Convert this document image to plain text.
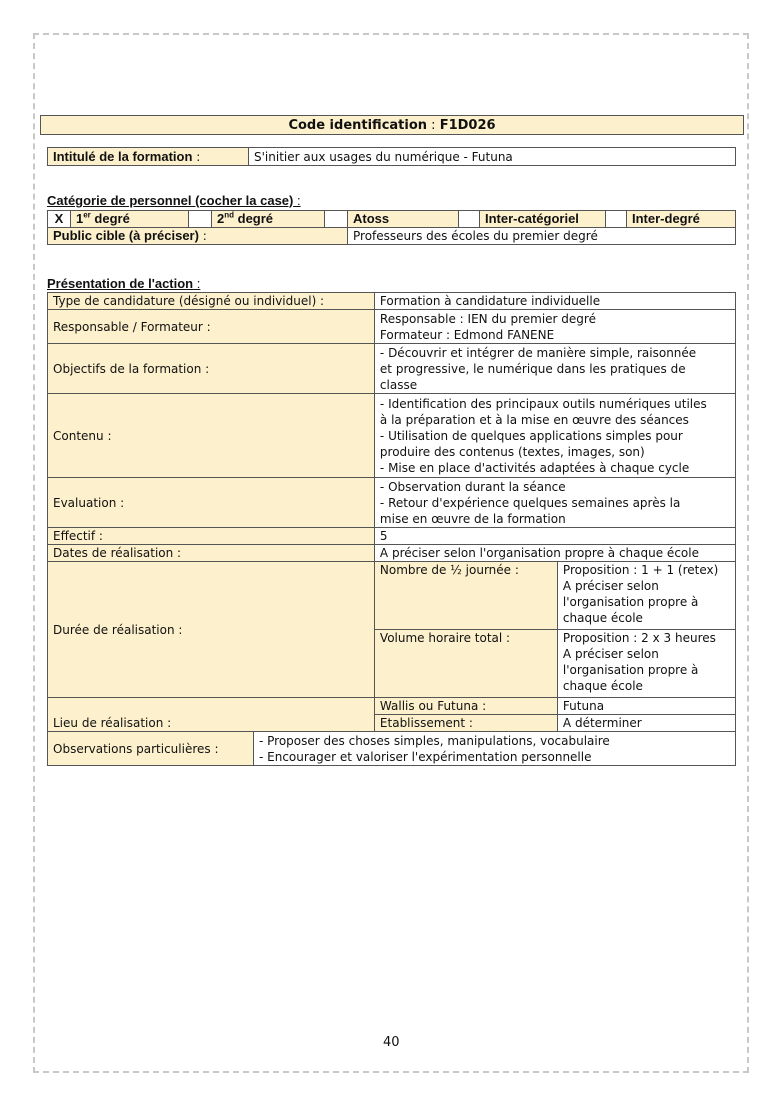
Code identification : F1D026
Intitulé de la formation :	S'initier aux usages du numérique - Futuna
Catégorie de personnel (cocher la case) :
X	1er degré		2nd degré		Atoss		Inter-catégoriel		Inter-degré
Public cible (à préciser) :					Professeurs des écoles du premier degré				
Présentation de l'action :
Type de candidature (désigné ou individuel) :		Formation à candidature individuelle	
Responsable / Formateur :		Responsable : IEN du premier degré
Formateur : Edmond FANENE	

Objectifs de la formation :		- Découvrir et intégrer de manière simple, raisonnée
et progressive, le numérique dans les pratiques de
classe	

Contenu :		- Identification des principaux outils numériques utiles
à la préparation et à la mise en œuvre des séances
- Utilisation de quelques applications simples pour
produire des contenus (textes, images, son)
- Mise en place d'activités adaptées à chaque cycle	

Evaluation :		- Observation durant la séance
- Retour d'expérience quelques semaines après la
mise en œuvre de la formation	

Effectif :		5	
Dates de réalisation :		A préciser selon l'organisation propre à chaque école	
Durée de réalisation :		Nombre de ½ journée :	Proposition : 1 + 1 (retex)
A préciser selon
l'organisation propre à
chaque école

		Volume horaire total :	Proposition : 2 x 3 heures
A préciser selon
l'organisation propre à
chaque école

Lieu de réalisation :		Wallis ou Futuna :	Futuna
		Etablissement :	A déterminer
Observations particulières :	- Proposer des choses simples, manipulations, vocabulaire
- Encourager et valoriser l'expérimentation personnelle		
40
